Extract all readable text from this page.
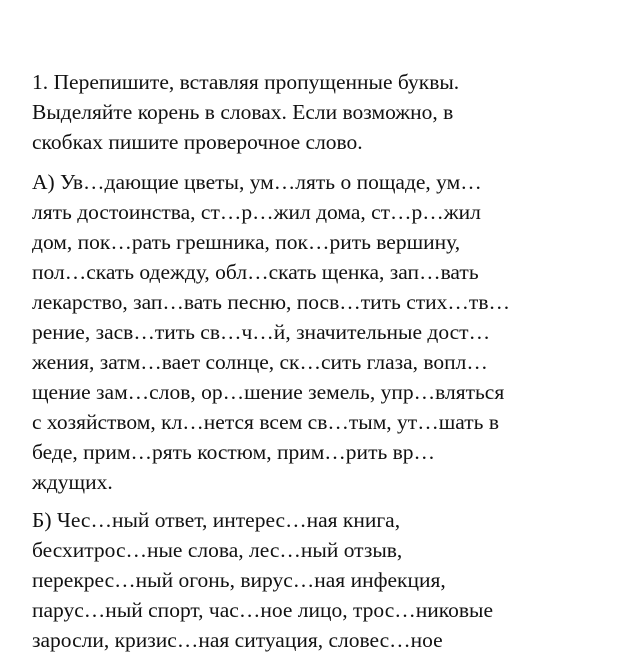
1. Перепишите, вставляя пропущенные буквы.
Выделяйте корень в словах. Если возможно, в
скобках пишите проверочное слово.

А) Ув…дающие цветы, ум…лять о пощаде, ум…
лять достоинства, ст…р…жил дома, ст…р…жил
дом, пок…рать грешника, пок…рить вершину,
пол…скать одежду, обл…скать щенка, зап…вать
лекарство, зап…вать песню, посв…тить стих…тв…
рение, засв…тить св…ч…й, значительные дост…
жения, затм…вает солнце, ск…сить глаза, вопл…
щение зам…слов, ор…шение земель, упр…вляться
с хозяйством, кл…нется всем св…тым, ут…шать в
беде, прим…рять костюм, прим…рить вр…
ждущих.

Б) Чес…ный ответ, интерес…ная книга,
бесхитрос…ные слова, лес…ный отзыв,
перекрес…ный огонь, вирус…ная инфекция,
парус…ный спорт, час…ное лицо, трос…никовые
заросли, кризис…ная ситуация, словес…ное
